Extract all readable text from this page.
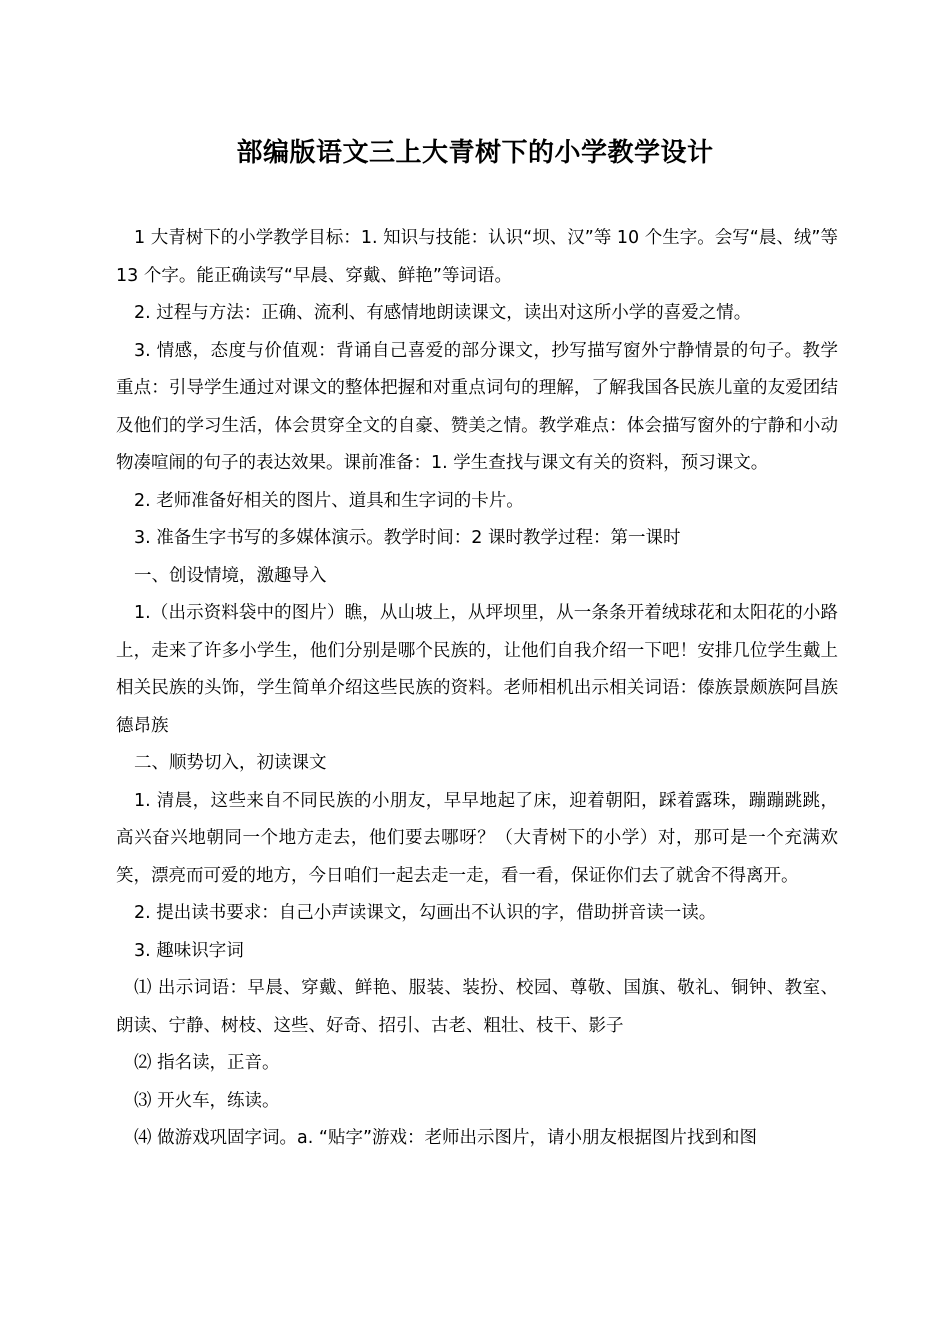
部编版语文三上大青树下的小学教学设计

1 大青树下的小学教学目标：1. 知识与技能：认识“坝、汉”等 10 个生字。会写“晨、绒”等 13 个字。能正确读写“早晨、穿戴、鲜艳”等词语。

2. 过程与方法：正确、流利、有感情地朗读课文，读出对这所小学的喜爱之情。

3. 情感，态度与价值观：背诵自己喜爱的部分课文，抄写描写窗外宁静情景的句子。教学重点：引导学生通过对课文的整体把握和对重点词句的理解，了解我国各民族儿童的友爱团结及他们的学习生活，体会贯穿全文的自豪、赞美之情。教学难点：体会描写窗外的宁静和小动物凑喧闹的句子的表达效果。课前准备：1. 学生查找与课文有关的资料，预习课文。

2. 老师准备好相关的图片、道具和生字词的卡片。

3. 准备生字书写的多媒体演示。教学时间：2 课时教学过程：第一课时

一、创设情境，激趣导入

1.（出示资料袋中的图片）瞧，从山坡上，从坪坝里，从一条条开着绒球花和太阳花的小路上，走来了许多小学生，他们分别是哪个民族的，让他们自我介绍一下吧！安排几位学生戴上相关民族的头饰，学生简单介绍这些民族的资料。老师相机出示相关词语：傣族景颇族阿昌族德昂族

二、顺势切入，初读课文

1. 清晨，这些来自不同民族的小朋友，早早地起了床，迎着朝阳，踩着露珠，蹦蹦跳跳，高兴奋兴地朝同一个地方走去，他们要去哪呀？（大青树下的小学）对，那可是一个充满欢笑，漂亮而可爱的地方，今日咱们一起去走一走，看一看，保证你们去了就舍不得离开。

2. 提出读书要求：自己小声读课文，勾画出不认识的字，借助拼音读一读。

3. 趣味识字词

⑴ 出示词语：早晨、穿戴、鲜艳、服装、装扮、校园、尊敬、国旗、敬礼、铜钟、教室、朗读、宁静、树枝、这些、好奇、招引、古老、粗壮、枝干、影子

⑵ 指名读，正音。

⑶ 开火车，练读。

⑷ 做游戏巩固字词。a. “贴字”游戏：老师出示图片，请小朋友根据图片找到和图
